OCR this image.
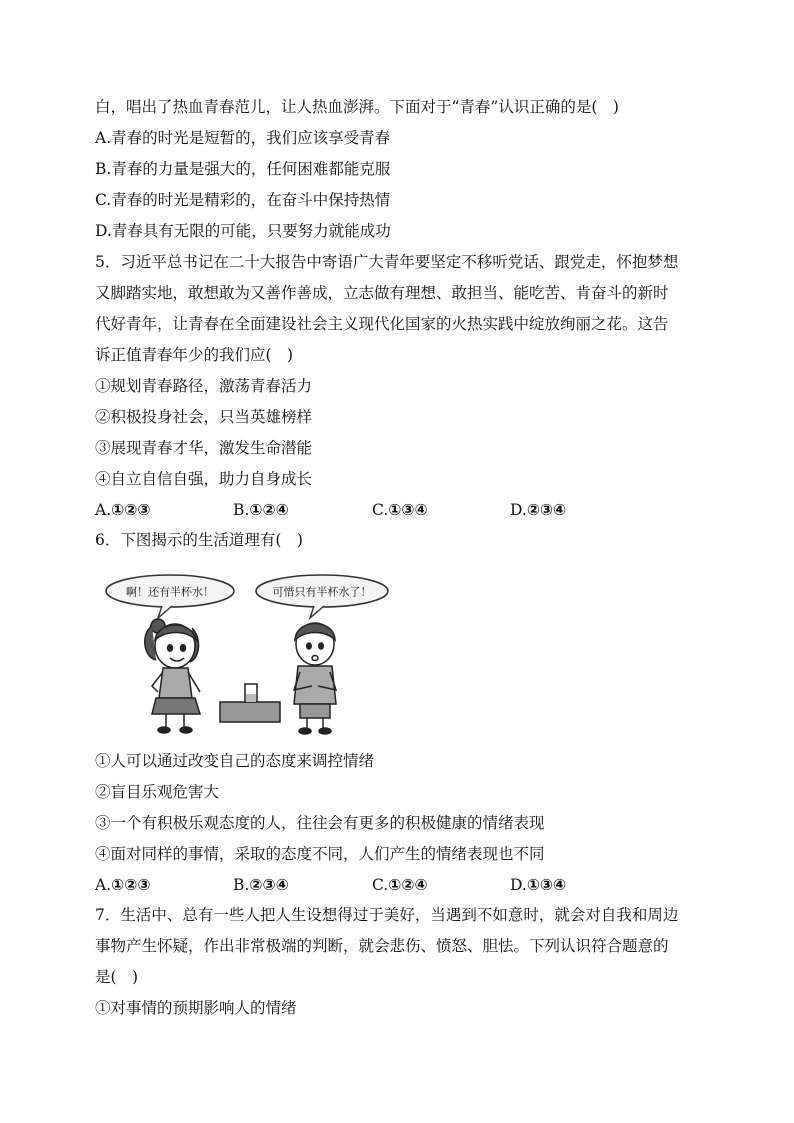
白，唱出了热血青春范儿，让人热血澎湃。下面对于“青春”认识正确的是(　)
A.青春的时光是短暂的，我们应该享受青春
B.青春的力量是强大的，任何困难都能克服
C.青春的时光是精彩的，在奋斗中保持热情
D.青春具有无限的可能，只要努力就能成功
5．习近平总书记在二十大报告中寄语广大青年要坚定不移听党话、跟党走，怀抱梦想
又脚踏实地，敢想敢为又善作善成，立志做有理想、敢担当、能吃苦、肯奋斗的新时
代好青年，让青春在全面建设社会主义现代化国家的火热实践中绽放绚丽之花。这告
诉正值青春年少的我们应(　)
①规划青春路径，激荡青春活力
②积极投身社会，只当英雄榜样
③展现青春才华，激发生命潜能
④自立自信自强，助力自身成长
A.①②③	B.①②④	C.①③④	D.②③④
6．下图揭示的生活道理有(　)
啊！还有半杯水！	可惜只有半杯水了！
①人可以通过改变自己的态度来调控情绪
②盲目乐观危害大
③一个有积极乐观态度的人，往往会有更多的积极健康的情绪表现
④面对同样的事情，采取的态度不同，人们产生的情绪表现也不同
A.①②③	B.②③④	C.①②④	D.①③④
7．生活中、总有一些人把人生设想得过于美好，当遇到不如意时，就会对自我和周边
事物产生怀疑，作出非常极端的判断，就会悲伤、愤怒、胆怯。下列认识符合题意的
是(　)
①对事情的预期影响人的情绪
